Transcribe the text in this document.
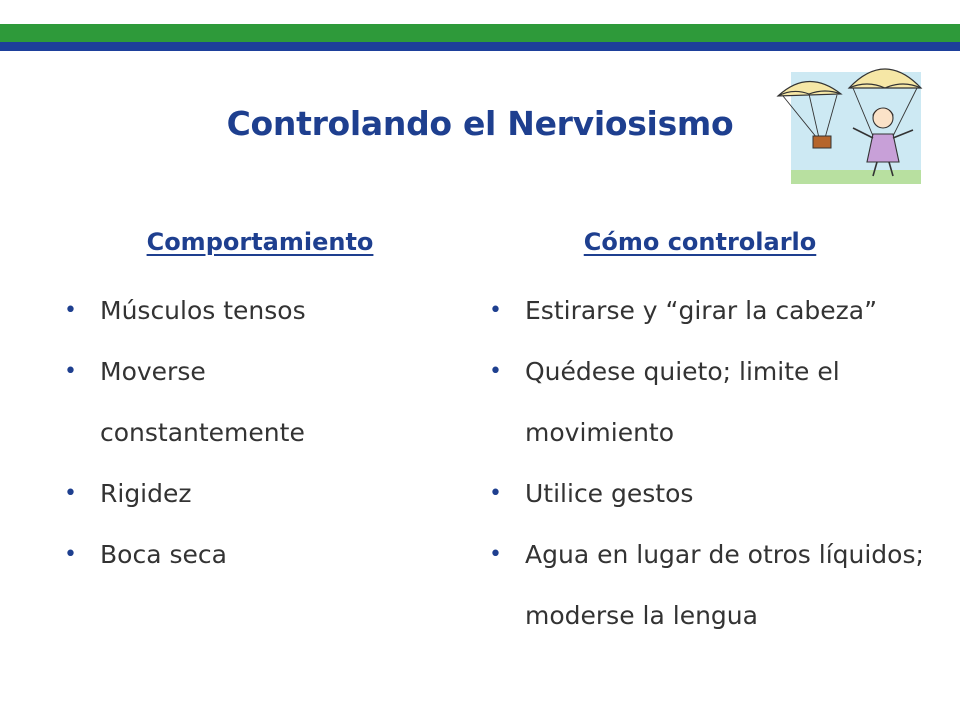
Controlando el Nerviosismo
Comportamiento
• Músculos tensos
• Moverse constantemente
• Rigidez
• Boca seca
Cómo controlarlo
• Estirarse y “girar la cabeza”
• Quédese quieto; limite el movimiento
• Utilice gestos
• Agua en lugar de otros líquidos; moderse la lengua
